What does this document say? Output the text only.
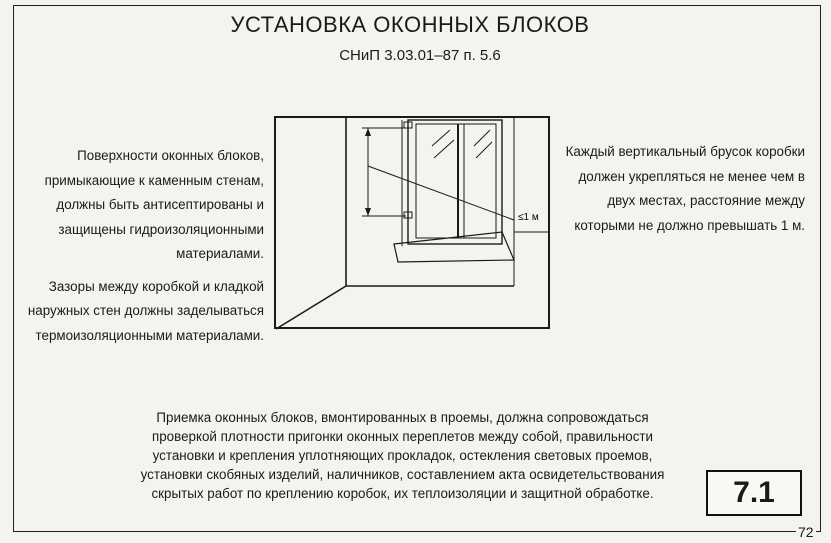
УСТАНОВКА ОКОННЫХ БЛОКОВ
СНиП 3.03.01–87 п. 5.6

Поверхности оконных блоков, примыкающие к каменным стенам, должны быть антисептированы и защищены гидроизоляционными материалами.

Зазоры между коробкой и кладкой наружных стен должны заделываться термоизоляционными материалами.

Каждый вертикальный брусок коробки должен укрепляться не менее чем в двух местах, расстояние между которыми не должно превышать 1 м.

≤1 м

Приемка оконных блоков, вмонтированных в проемы, должна сопровождаться проверкой плотности пригонки оконных переплетов между собой, правильности установки и крепления уплотняющих прокладок, остекления световых проемов, установки скобяных изделий, наличников, составлением акта освидетельствования скрытых работ по креплению коробок, их теплоизоляции и защитной обработке.	7.1
72
